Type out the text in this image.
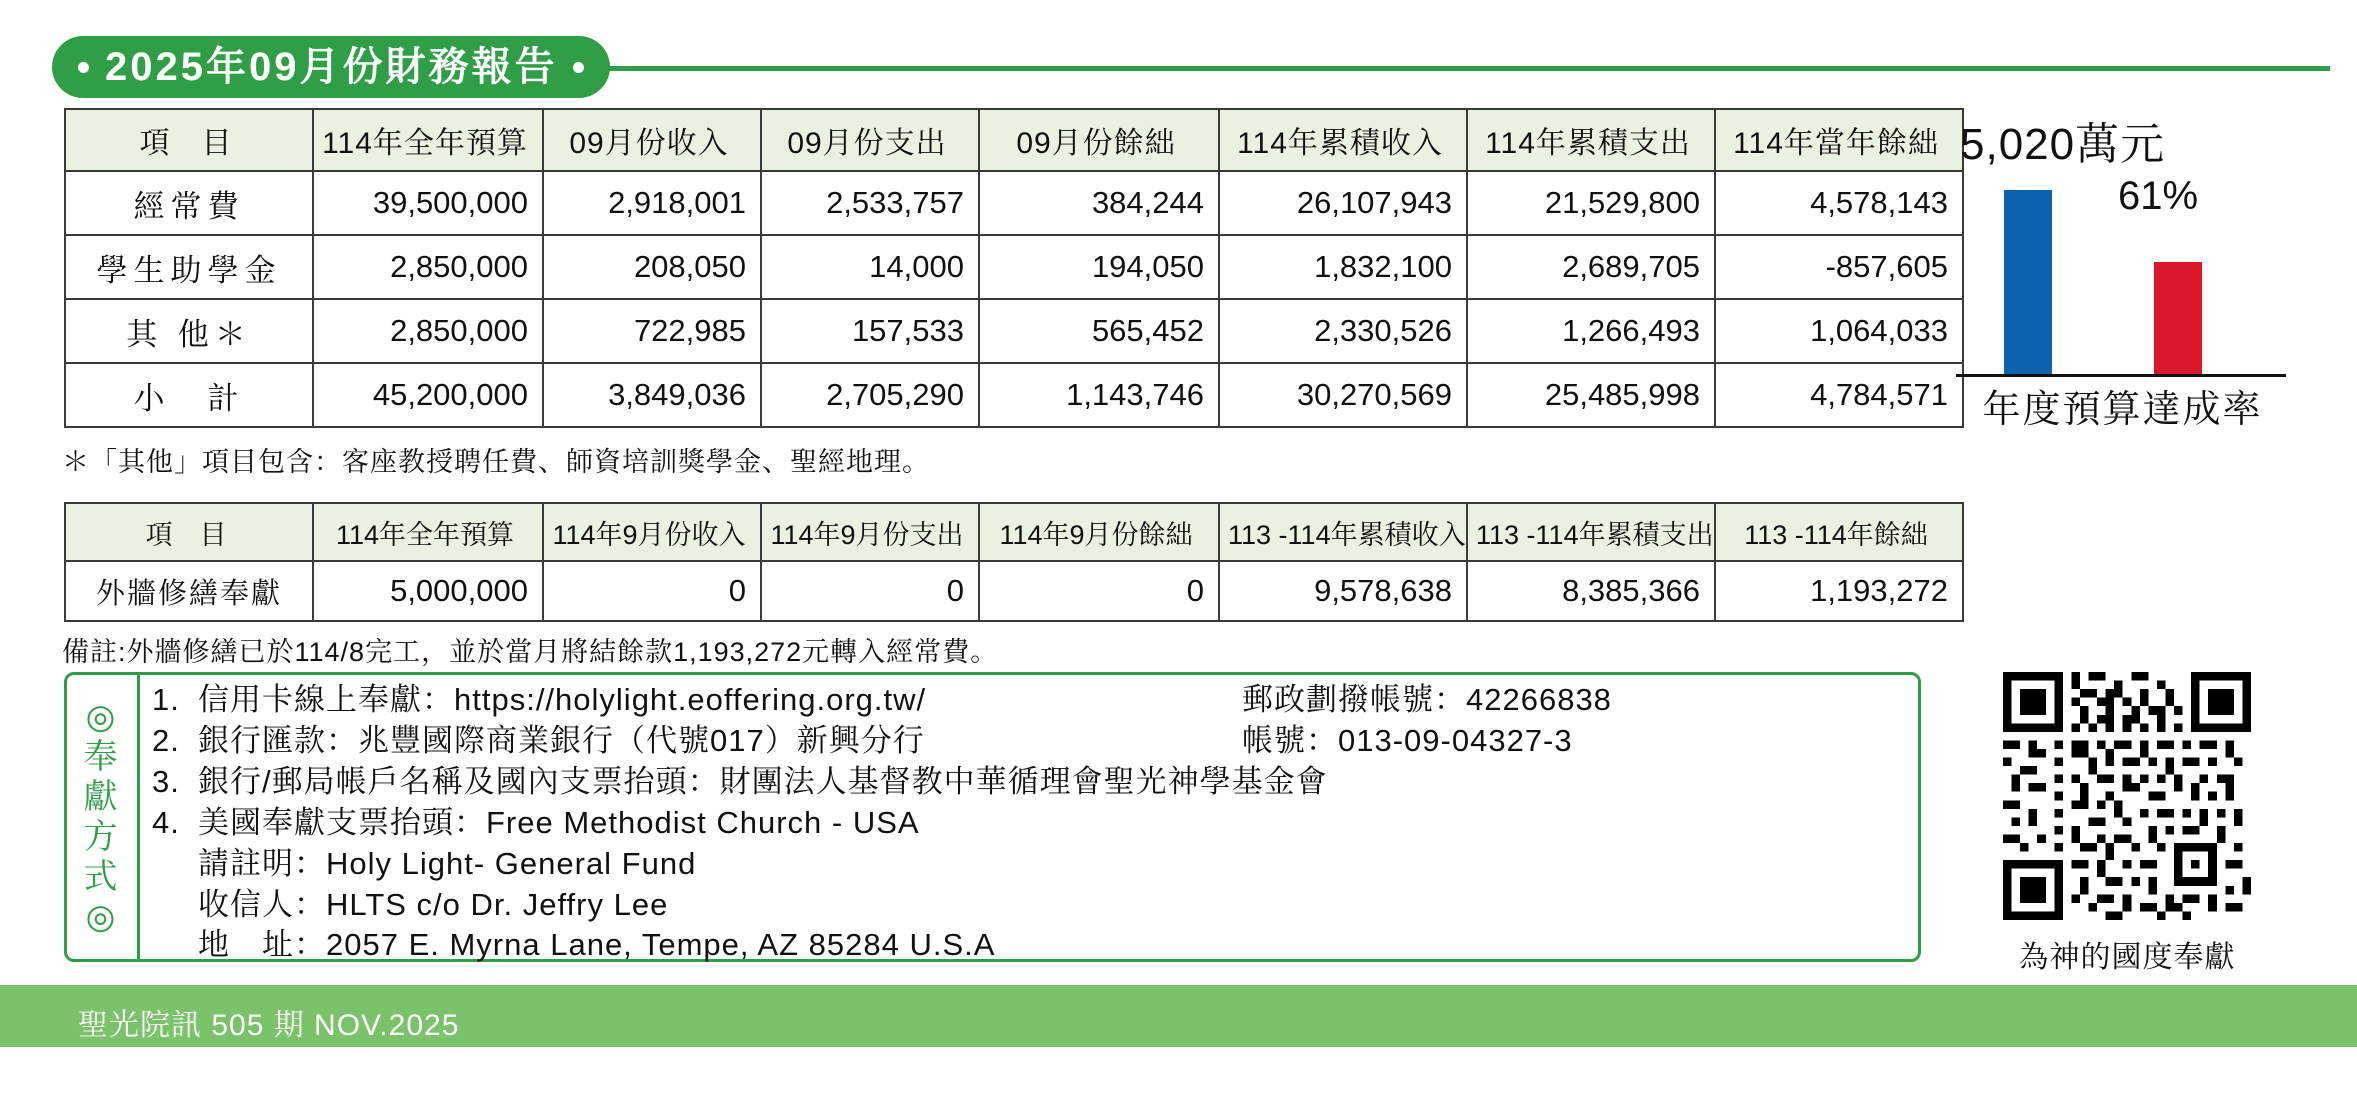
2025年09月份財務報告
項　目	114年全年預算	09月份收入	09月份支出	09月份餘絀	114年累積收入	114年累積支出	114年當年餘絀
經常費	39,500,000	2,918,001	2,533,757	384,244	26,107,943	21,529,800	4,578,143
學生助學金	2,850,000	208,050	14,000	194,050	1,832,100	2,689,705	-857,605
其 他＊	2,850,000	722,985	157,533	565,452	2,330,526	1,266,493	1,064,033
小　計	45,200,000	3,849,036	2,705,290	1,143,746	30,270,569	25,485,998	4,784,571
＊「其他」項目包含：客座教授聘任費、師資培訓獎學金、聖經地理。
項　目	114年全年預算	114年9月份收入	114年9月份支出	114年9月份餘絀	113 -114年累積收入	113 -114年累積支出	113 -114年餘絀
外牆修繕奉獻	5,000,000	0	0	0	9,578,638	8,385,366	1,193,272
備註:外牆修繕已於114/8完工，並於當月將結餘款1,193,272元轉入經常費。
5,020萬元
61%
年度預算達成率
◎
奉
獻
方
式
◎
1. 信用卡線上奉獻：https://holylight.eoffering.org.tw/	郵政劃撥帳號：42266838
2. 銀行匯款：兆豐國際商業銀行（代號017）新興分行	帳號：013-09-04327-3
3. 銀行/郵局帳戶名稱及國內支票抬頭：財團法人基督教中華循理會聖光神學基金會
4. 美國奉獻支票抬頭：Free Methodist Church - USA
請註明：Holy Light- General Fund
收信人：HLTS c/o Dr. Jeffry Lee
地　址：2057 E. Myrna Lane, Tempe, AZ 85284 U.S.A	為神的國度奉獻
聖光院訊 505 期 NOV.2025
